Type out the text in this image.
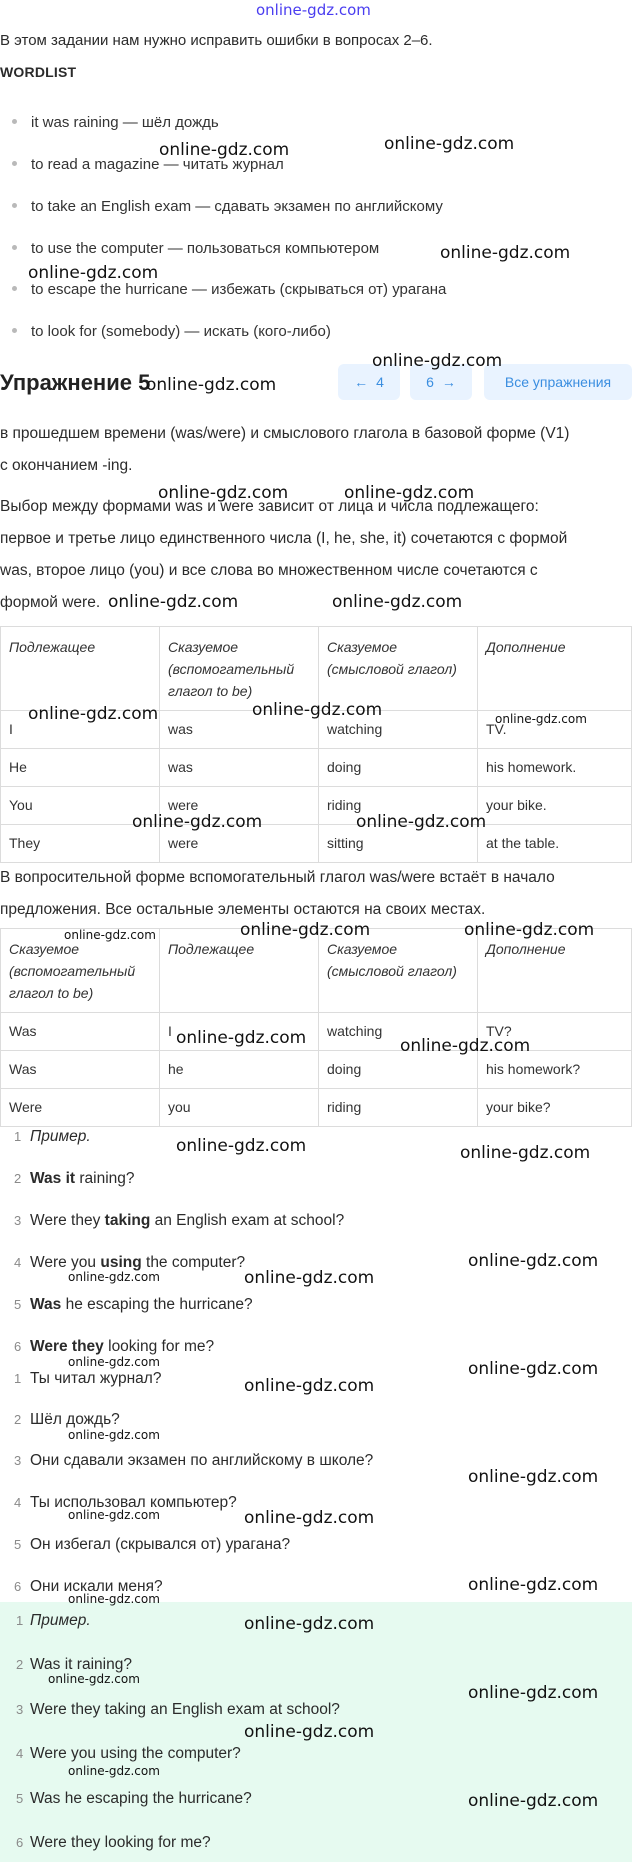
online-gdz.com
В этом задании нам нужно исправить ошибки в вопросах 2–6.
WORDLIST
it was raining — шёл дождь
to read a magazine — читать журнал
to take an English exam — сдавать экзамен по английскому
to use the computer — пользоваться компьютером
to escape the hurricane — избежать (скрываться от) урагана
to look for (somebody) — искать (кого-либо)
Упражнение 5	← 4	6 →	Все упражнения
в прошедшем времени (was/were) и смыслового глагола в базовой форме (V1)
с окончанием -ing.
Выбор между формами was и were зависит от лица и числа подлежащего:
первое и третье лицо единственного числа (I, he, she, it) сочетаются с формой
was, второе лицо (you) и все слова во множественном числе сочетаются с
формой were.
Подлежащее	Сказуемое (вспомогательный глагол to be)	Сказуемое (смысловой глагол)	Дополнение
I	was	watching	TV.
He	was	doing	his homework.
You	were	riding	your bike.
They	were	sitting	at the table.
В вопросительной форме вспомогательный глагол was/were встаёт в начало
предложения. Все остальные элементы остаются на своих местах.
Сказуемое (вспомогательный глагол to be)	Подлежащее	Сказуемое (смысловой глагол)	Дополнение
Was	I	watching	TV?
Was	he	doing	his homework?
Were	you	riding	your bike?
1 Пример.
2 Was it raining?
3 Were they taking an English exam at school?
4 Were you using the computer?
5 Was he escaping the hurricane?
6 Were they looking for me?
1 Ты читал журнал?
2 Шёл дождь?
3 Они сдавали экзамен по английскому в школе?
4 Ты использовал компьютер?
5 Он избегал (скрывался от) урагана?
6 Они искали меня?
1 Пример.
2 Was it raining?
3 Were they taking an English exam at school?
4 Were you using the computer?
5 Was he escaping the hurricane?
6 Were they looking for me?
online-gdz.com	online-gdz.com
online-gdz.com
online-gdz.com
online-gdz.com
online-gdz.com
online-gdz.com	online-gdz.com
online-gdz.com	online-gdz.com
online-gdz.com	online-gdz.com	online-gdz.com
online-gdz.com	online-gdz.com
online-gdz.com	online-gdz.com	online-gdz.com
online-gdz.com	online-gdz.com
online-gdz.com	online-gdz.com
online-gdz.com	online-gdz.com
online-gdz.com
online-gdz.com
online-gdz.com
online-gdz.com
online-gdz.com
online-gdz.com
online-gdz.com	online-gdz.com
online-gdz.com
online-gdz.com
online-gdz.com
online-gdz.com
online-gdz.com
online-gdz.com
online-gdz.com
online-gdz.com
